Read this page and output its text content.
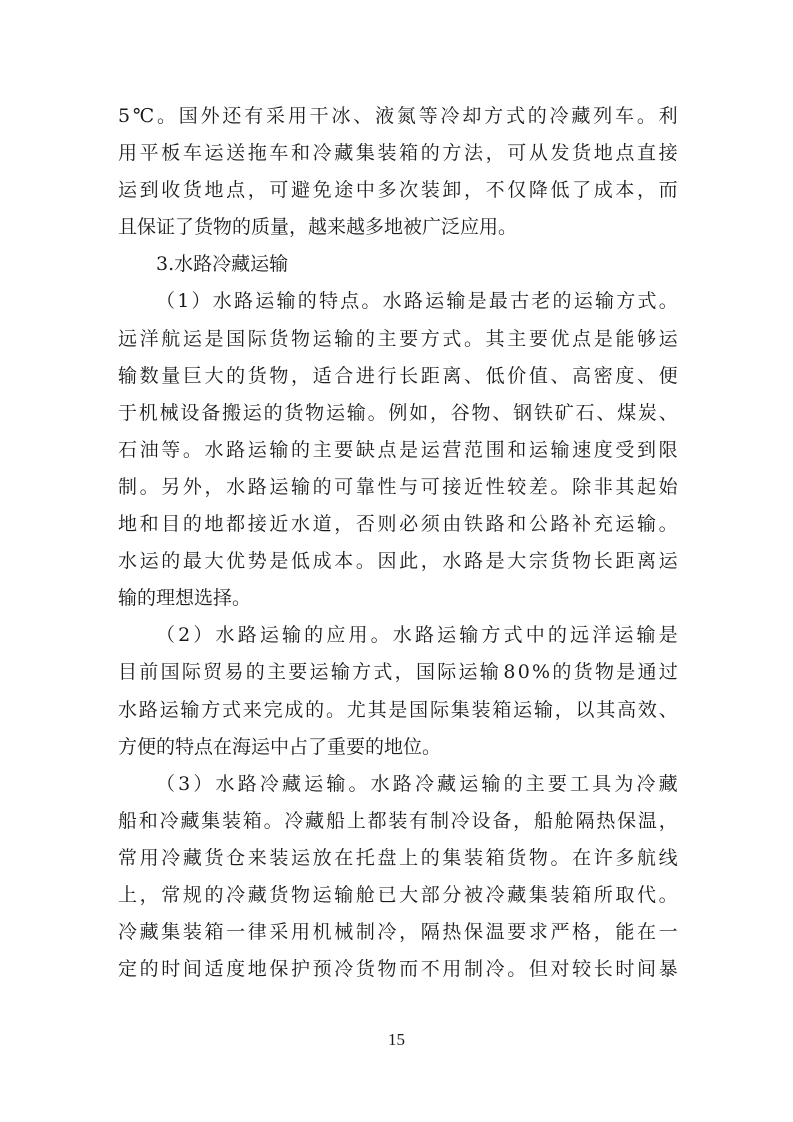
5 ℃ 。 国 外 还 有 采 用 干 冰 、 液 氮 等 冷 却 方 式 的 冷 藏 列 车 。 利
用 平 板 车 运 送 拖 车 和 冷 藏 集 装 箱 的 方 法 ， 可 从 发 货 地 点 直 接
运 到 收 货 地 点 ， 可 避 免 途 中 多 次 装 卸 ， 不 仅 降 低 了 成 本 ， 而
且保证了货物的质量，越来越多地被广泛应用。
3.水路冷藏运输
（ 1 ） 水 路 运 输 的 特 点 。 水 路 运 输 是 最 古 老 的 运 输 方 式 。
远 洋 航 运 是 国 际 货 物 运 输 的 主 要 方 式 。 其 主 要 优 点 是 能 够 运
输 数 量 巨 大 的 货 物 ， 适 合 进 行 长 距 离 、 低 价 值 、 高 密 度 、 便
于 机 械 设 备 搬 运 的 货 物 运 输 。 例 如 ， 谷 物 、 钢 铁 矿 石 、 煤 炭 、
石 油 等 。 水 路 运 输 的 主 要 缺 点 是 运 营 范 围 和 运 输 速 度 受 到 限
制 。 另 外 ， 水 路 运 输 的 可 靠 性 与 可 接 近 性 较 差 。 除 非 其 起 始
地 和 目 的 地 都 接 近 水 道 ， 否 则 必 须 由 铁 路 和 公 路 补 充 运 输 。
水 运 的 最 大 优 势 是 低 成 本 。 因 此 ， 水 路 是 大 宗 货 物 长 距 离 运
输的理想选择。
（ 2 ） 水 路 运 输 的 应 用 。 水 路 运 输 方 式 中 的 远 洋 运 输 是
目 前 国 际 贸 易 的 主 要 运 输 方 式 ， 国 际 运 输 8 0 % 的 货 物 是 通 过
水 路 运 输 方 式 来 完 成 的 。 尤 其 是 国 际 集 装 箱 运 输 ， 以 其 高 效 、
方便的特点在海运中占了重要的地位。
（ 3 ） 水 路 冷 藏 运 输 。 水 路 冷 藏 运 输 的 主 要 工 具 为 冷 藏
船 和 冷 藏 集 装 箱 。 冷 藏 船 上 都 装 有 制 冷 设 备 ， 船 舱 隔 热 保 温 ，
常 用 冷 藏 货 仓 来 装 运 放 在 托 盘 上 的 集 装 箱 货 物 。 在 许 多 航 线
上 ， 常 规 的 冷 藏 货 物 运 输 舱 已 大 部 分 被 冷 藏 集 装 箱 所 取 代 。
冷 藏 集 装 箱 一 律 采 用 机 械 制 冷 ， 隔 热 保 温 要 求 严 格 ， 能 在 一
定 的 时 间 适 度 地 保 护 预 冷 货 物 而 不 用 制 冷 。 但 对 较 长 时 间 暴
15
